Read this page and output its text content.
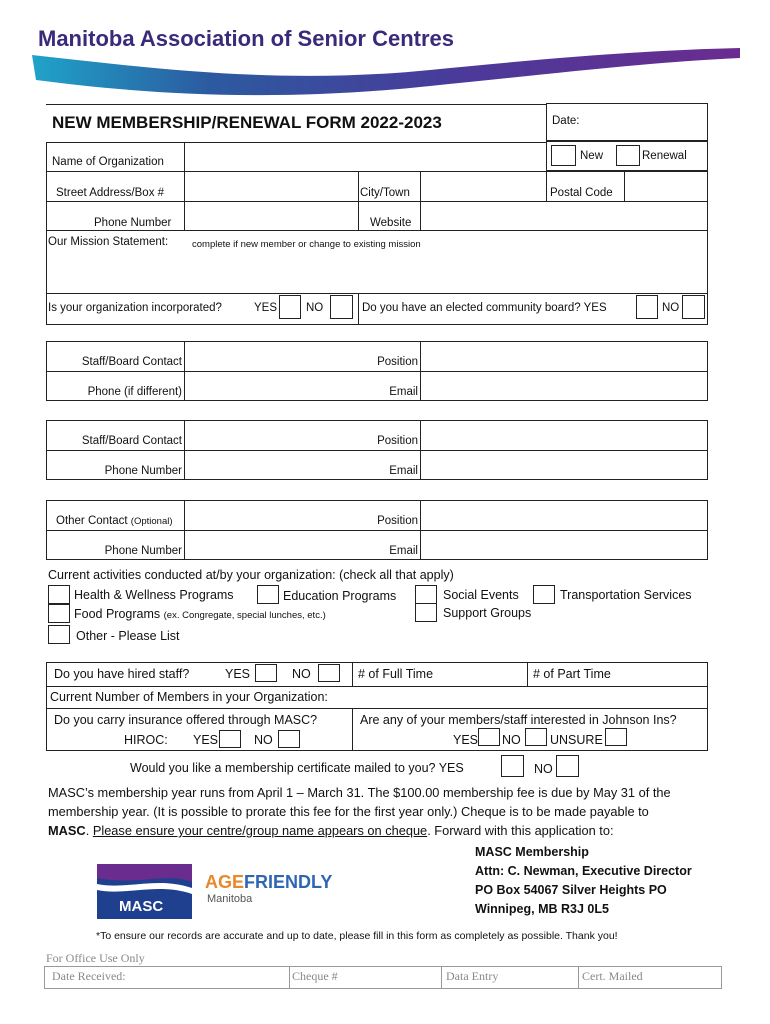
Manitoba Association of Senior Centres
NEW MEMBERSHIP/RENEWAL FORM 2022-2023	Date:
New	Renewal
Name of Organization
Street Address/Box #	City/Town	Postal Code
Phone Number	Website
Our Mission Statement:	complete if new member or change to existing mission
Is your organization incorporated?	YES	NO	Do you have an elected community board? YES	NO
Staff/Board Contact	Position
Phone (if different)	Email
Staff/Board Contact	Position
Phone Number	Email
Other Contact (Optional)	Position
Phone Number	Email
Current activities conducted at/by your organization: (check all that apply)
Health & Wellness Programs	Education Programs	Social Events	Transportation Services
Food Programs (ex. Congregate, special lunches, etc.)	Support Groups
Other - Please List
Do you have hired staff?	YES	NO	# of Full Time	# of Part Time
Current Number of Members in your Organization:
Do you carry insurance offered through MASC?
HIROC: YES	NO
Are any of your members/staff interested in Johnson Ins?
YES NO UNSURE
Would you like a membership certificate mailed to you? YES	NO
MASC’s membership year runs from April 1 – March 31. The $100.00 membership fee is due by May 31 of the
membership year. (It is possible to prorate this fee for the first year only.) Cheque is to be made payable to
MASC. Please ensure your centre/group name appears on cheque. Forward with this application to:
MASC Membership
Attn: C. Newman, Executive Director
PO Box 54067 Silver Heights PO
Winnipeg, MB R3J 0L5
MASC
AGEFRIENDLY
Manitoba
*To ensure our records are accurate and up to date, please fill in this form as completely as possible. Thank you!
For Office Use Only
Date Received:	Cheque #	Data Entry	Cert. Mailed
